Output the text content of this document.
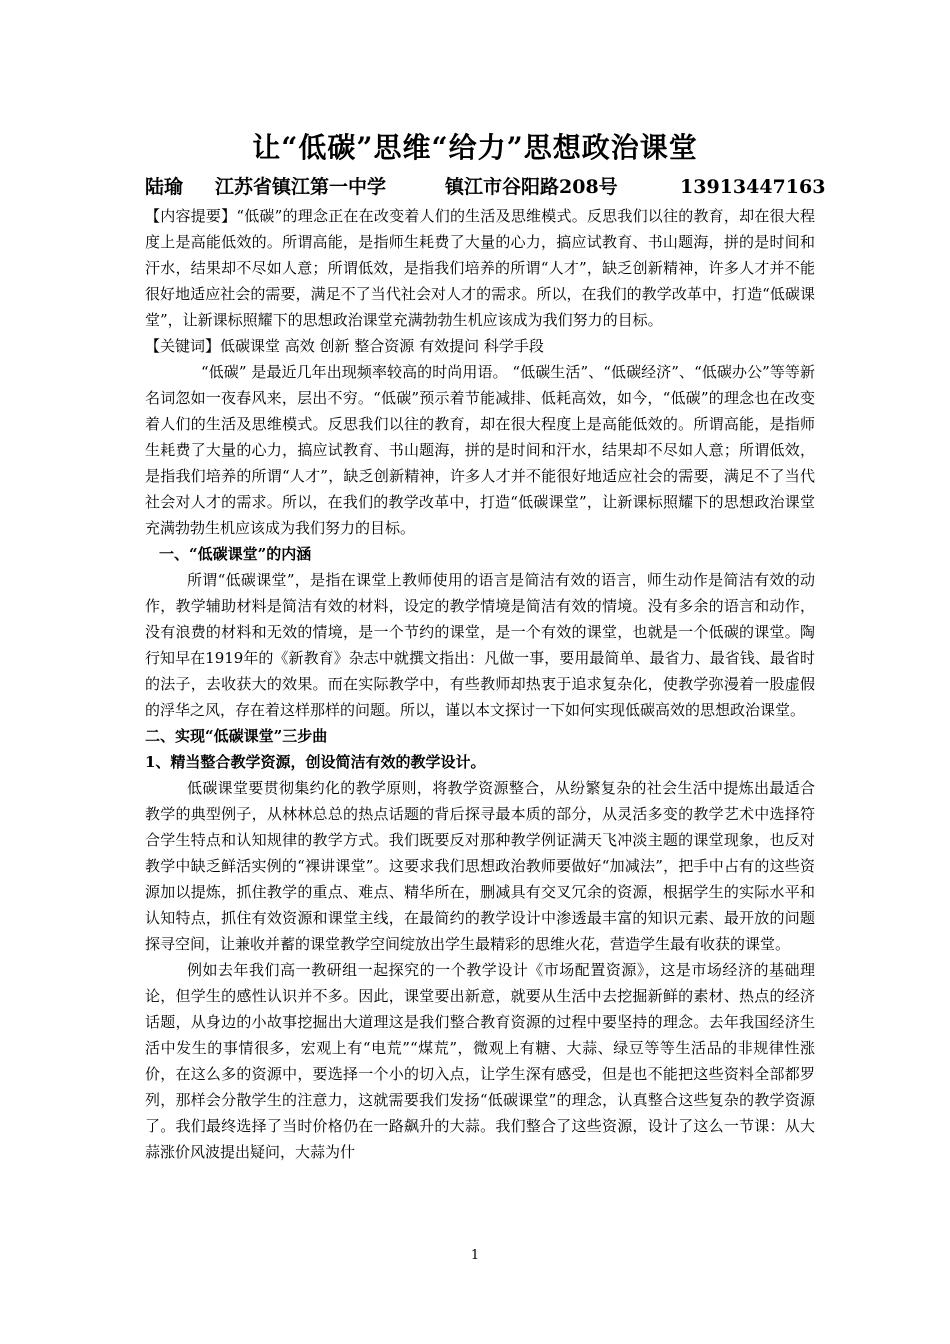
让“低碳”思维“给力”思想政治课堂
陆瑜 江苏省镇江第一中学	镇江市谷阳路208号	13913447163

【内容提要】“低碳”的理念正在在改变着人们的生活及思维模式。反思我们以往的教育，却在很大程度上是高能低效的。所谓高能，是指师生耗费了大量的心力，搞应试教育、书山题海，拼的是时间和汗水，结果却不尽如人意；所谓低效，是指我们培养的所谓“人才”，缺乏创新精神，许多人才并不能很好地适应社会的需要，满足不了当代社会对人才的需求。所以，在我们的教学改革中，打造“低碳课堂”，让新课标照耀下的思想政治课堂充满勃勃生机应该成为我们努力的目标。

【关键词】低碳课堂 高效 创新 整合资源 有效提问 科学手段

“低碳” 是最近几年出现频率较高的时尚用语。 “低碳生活”、“低碳经济”、“低碳办公”等等新名词忽如一夜春风来，层出不穷。“低碳”预示着节能减排、低耗高效，如今，“低碳”的理念也在改变着人们的生活及思维模式。反思我们以往的教育，却在很大程度上是高能低效的。所谓高能，是指师生耗费了大量的心力，搞应试教育、书山题海，拼的是时间和汗水，结果却不尽如人意；所谓低效，是指我们培养的所谓“人才”，缺乏创新精神，许多人才并不能很好地适应社会的需要，满足不了当代社会对人才的需求。所以，在我们的教学改革中，打造“低碳课堂”，让新课标照耀下的思想政治课堂充满勃勃生机应该成为我们努力的目标。

一、“低碳课堂”的内涵

所谓“低碳课堂”，是指在课堂上教师使用的语言是简洁有效的语言，师生动作是简洁有效的动作，教学辅助材料是简洁有效的材料，设定的教学情境是简洁有效的情境。没有多余的语言和动作，没有浪费的材料和无效的情境，是一个节约的课堂，是一个有效的课堂，也就是一个低碳的课堂。陶行知早在1919年的《新教育》杂志中就撰文指出：凡做一事，要用最简单、最省力、最省钱、最省时的法子，去收获大的效果。而在实际教学中，有些教师却热衷于追求复杂化，使教学弥漫着一股虚假的浮华之风，存在着这样那样的问题。所以，谨以本文探讨一下如何实现低碳高效的思想政治课堂。

二、实现“低碳课堂”三步曲

1、精当整合教学资源，创设简洁有效的教学设计。

低碳课堂要贯彻集约化的教学原则，将教学资源整合，从纷繁复杂的社会生活中提炼出最适合教学的典型例子，从林林总总的热点话题的背后探寻最本质的部分，从灵活多变的教学艺术中选择符合学生特点和认知规律的教学方式。我们既要反对那种教学例证满天飞冲淡主题的课堂现象，也反对教学中缺乏鲜活实例的“裸讲课堂”。这要求我们思想政治教师要做好“加减法”，把手中占有的这些资源加以提炼，抓住教学的重点、难点、精华所在，删减具有交叉冗余的资源，根据学生的实际水平和认知特点，抓住有效资源和课堂主线，在最简约的教学设计中渗透最丰富的知识元素、最开放的问题探寻空间，让兼收并蓄的课堂教学空间绽放出学生最精彩的思维火花，营造学生最有收获的课堂。

例如去年我们高一教研组一起探究的一个教学设计《市场配置资源》，这是市场经济的基础理论，但学生的感性认识并不多。因此，课堂要出新意，就要从生活中去挖掘新鲜的素材、热点的经济话题，从身边的小故事挖掘出大道理这是我们整合教育资源的过程中要坚持的理念。去年我国经济生活中发生的事情很多，宏观上有“电荒”“煤荒”，微观上有糖、大蒜、绿豆等等生活品的非规律性涨价，在这么多的资源中，要选择一个小的切入点，让学生深有感受，但是也不能把这些资料全部都罗列，那样会分散学生的注意力，这就需要我们发扬“低碳课堂”的理念，认真整合这些复杂的教学资源了。我们最终选择了当时价格仍在一路飙升的大蒜。我们整合了这些资源，设计了这么一节课：从大蒜涨价风波提出疑问，大蒜为什

1
